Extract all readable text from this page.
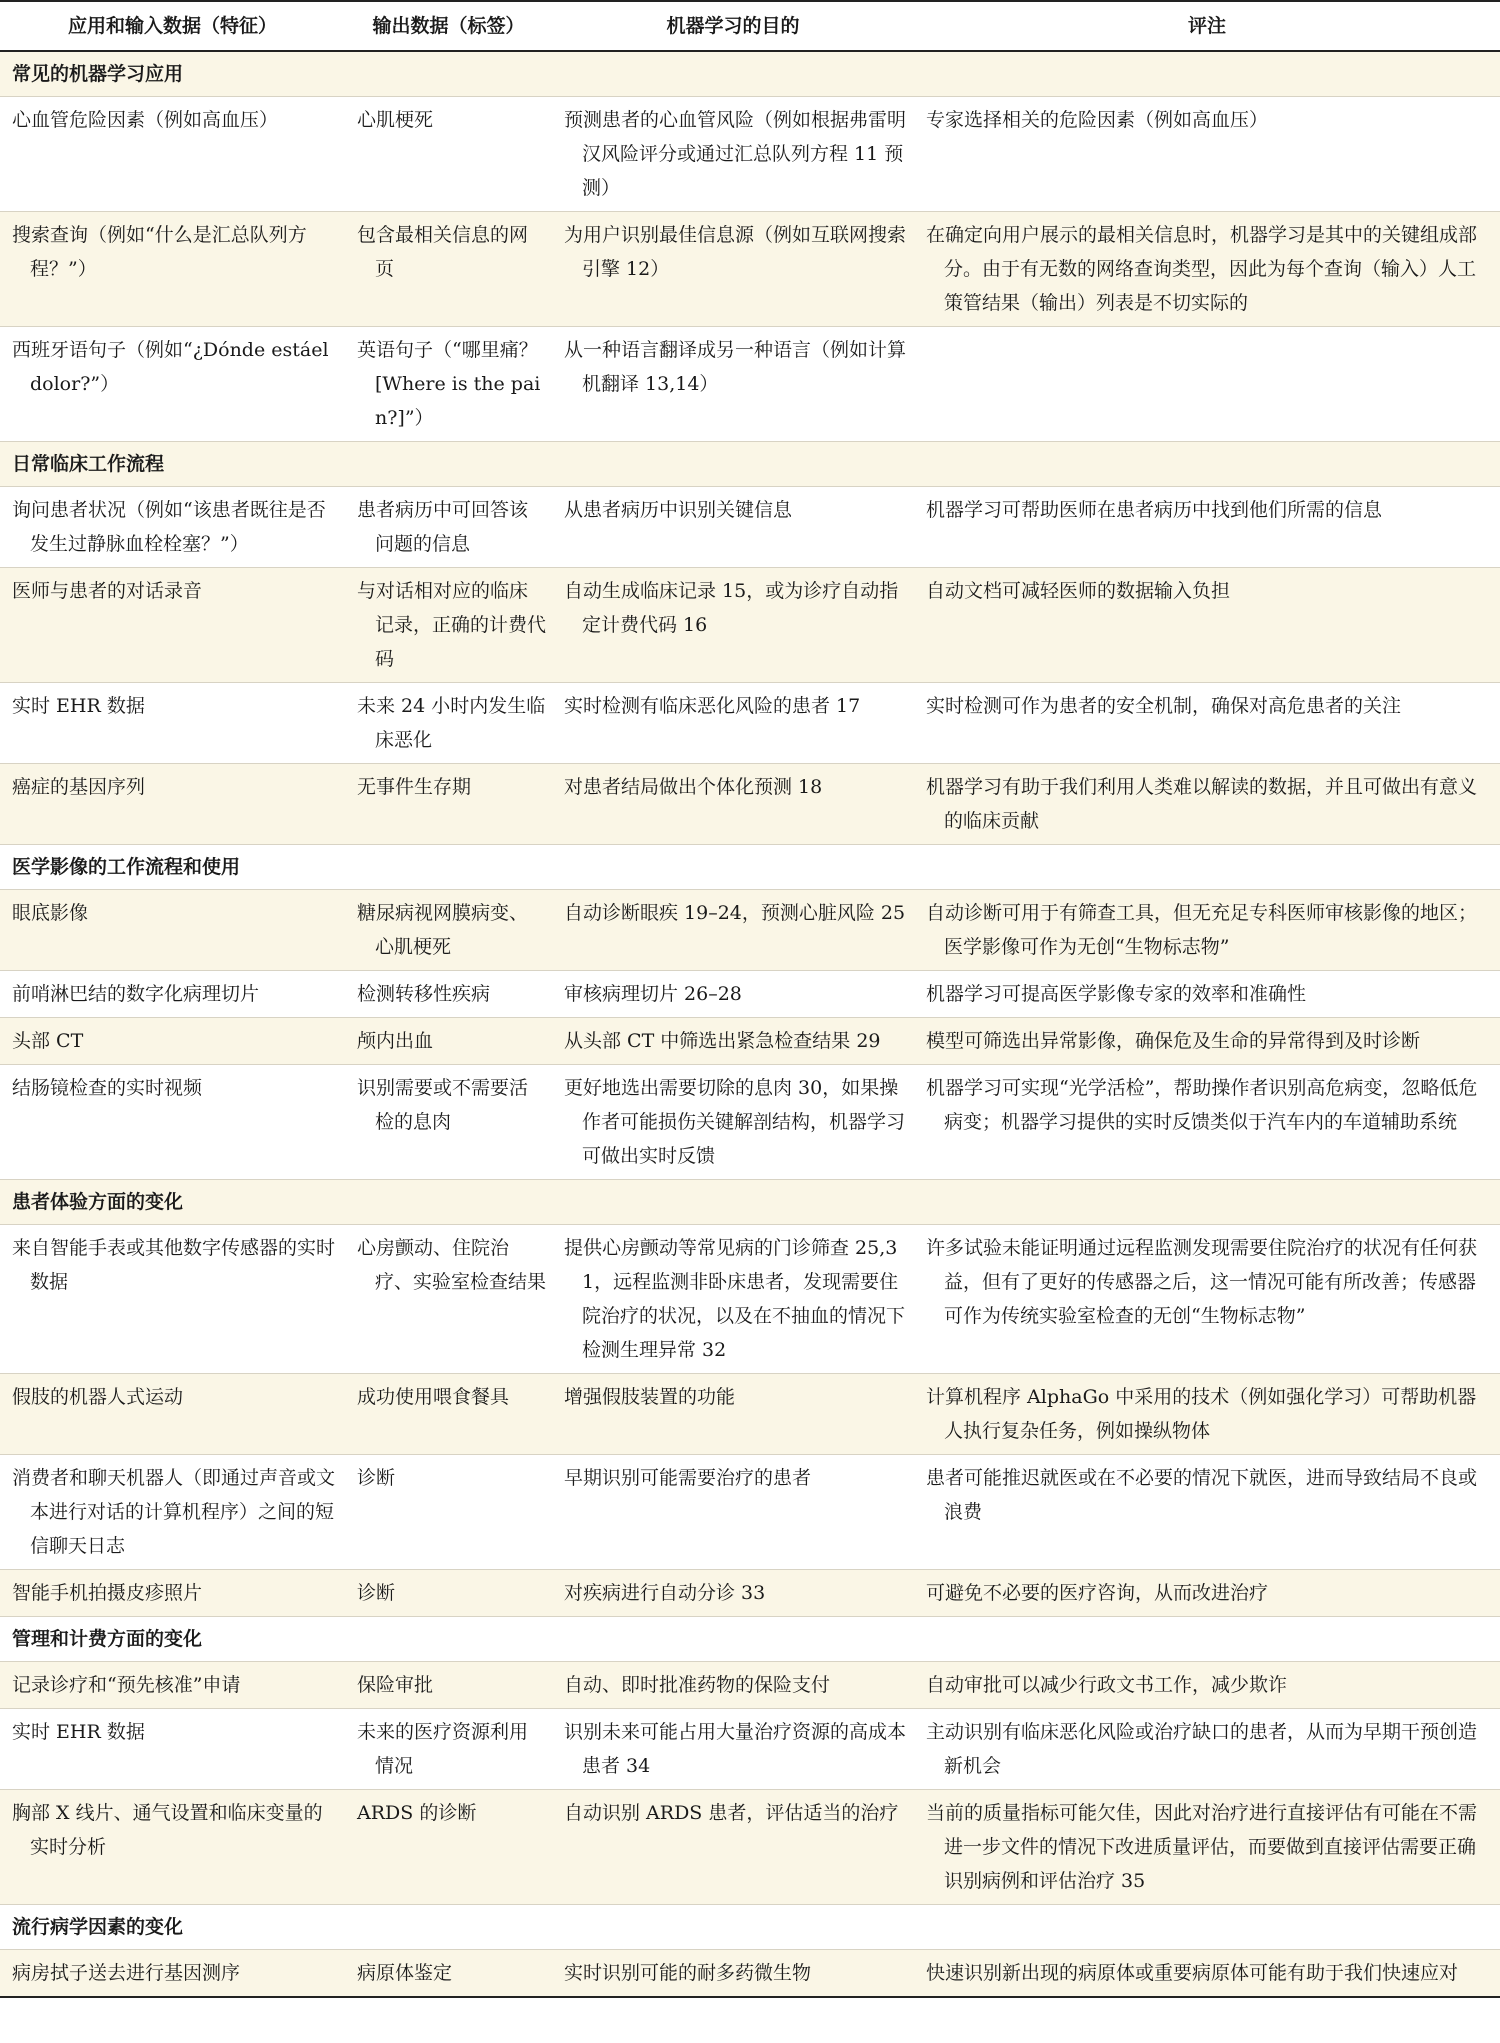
应用和输入数据（特征）	输出数据（标签）	机器学习的目的	评注
常见的机器学习应用			

心血管危险因素（例如高血压）	心肌梗死	预测患者的心血管风险（例如根据弗雷明汉风险评分或通过汇总队列方程 11 预测）	专家选择相关的危险因素（例如高血压）

搜索查询（例如“什么是汇总队列方程？”）	包含最相关信息的网页	为用户识别最佳信息源（例如互联网搜索引擎 12）	在确定向用户展示的最相关信息时，机器学习是其中的关键组成部分。由于有无数的网络查询类型，因此为每个查询（输入）人工策管结果（输出）列表是不切实际的

西班牙语句子（例如“¿Dónde estáel dolor?”）	英语句子（“哪里痛？ [Where is the pain?]”）	从一种语言翻译成另一种语言（例如计算机翻译 13,14）	

日常临床工作流程			

询问患者状况（例如“该患者既往是否发生过静脉血栓栓塞？”）	患者病历中可回答该问题的信息	从患者病历中识别关键信息	机器学习可帮助医师在患者病历中找到他们所需的信息

医师与患者的对话录音	与对话相对应的临床记录，正确的计费代码	自动生成临床记录 15，或为诊疗自动指定计费代码 16	自动文档可减轻医师的数据输入负担

实时 EHR 数据	未来 24 小时内发生临床恶化	实时检测有临床恶化风险的患者 17	实时检测可作为患者的安全机制，确保对高危患者的关注

癌症的基因序列	无事件生存期	对患者结局做出个体化预测 18	机器学习有助于我们利用人类难以解读的数据，并且可做出有意义的临床贡献

医学影像的工作流程和使用			

眼底影像	糖尿病视网膜病变、心肌梗死	自动诊断眼疾 19–24，预测心脏风险 25	自动诊断可用于有筛查工具，但无充足专科医师审核影像的地区；医学影像可作为无创“生物标志物”

前哨淋巴结的数字化病理切片	检测转移性疾病	审核病理切片 26–28	机器学习可提高医学影像专家的效率和准确性

头部 CT	颅内出血	从头部 CT 中筛选出紧急检查结果 29	模型可筛选出异常影像，确保危及生命的异常得到及时诊断

结肠镜检查的实时视频	识别需要或不需要活检的息肉	更好地选出需要切除的息肉 30，如果操作者可能损伤关键解剖结构，机器学习可做出实时反馈	机器学习可实现“光学活检”，帮助操作者识别高危病变，忽略低危病变；机器学习提供的实时反馈类似于汽车内的车道辅助系统

患者体验方面的变化			

来自智能手表或其他数字传感器的实时数据	心房颤动、住院治疗、实验室检查结果	提供心房颤动等常见病的门诊筛查 25,31，远程监测非卧床患者，发现需要住院治疗的状况，以及在不抽血的情况下检测生理异常 32	许多试验未能证明通过远程监测发现需要住院治疗的状况有任何获益，但有了更好的传感器之后，这一情况可能有所改善；传感器可作为传统实验室检查的无创“生物标志物”

假肢的机器人式运动	成功使用喂食餐具	增强假肢装置的功能	计算机程序 AlphaGo 中采用的技术（例如强化学习）可帮助机器人执行复杂任务，例如操纵物体

消费者和聊天机器人（即通过声音或文本进行对话的计算机程序）之间的短信聊天日志	诊断	早期识别可能需要治疗的患者	患者可能推迟就医或在不必要的情况下就医，进而导致结局不良或浪费

智能手机拍摄皮疹照片	诊断	对疾病进行自动分诊 33	可避免不必要的医疗咨询，从而改进治疗

管理和计费方面的变化			

记录诊疗和“预先核准”申请	保险审批	自动、即时批准药物的保险支付	自动审批可以减少行政文书工作，减少欺诈

实时 EHR 数据	未来的医疗资源利用情况	识别未来可能占用大量治疗资源的高成本患者 34	主动识别有临床恶化风险或治疗缺口的患者，从而为早期干预创造新机会

胸部 X 线片、通气设置和临床变量的实时分析	ARDS 的诊断	自动识别 ARDS 患者，评估适当的治疗	当前的质量指标可能欠佳，因此对治疗进行直接评估有可能在不需进一步文件的情况下改进质量评估，而要做到直接评估需要正确识别病例和评估治疗 35

流行病学因素的变化			

病房拭子送去进行基因测序	病原体鉴定	实时识别可能的耐多药微生物	快速识别新出现的病原体或重要病原体可能有助于我们快速应对
